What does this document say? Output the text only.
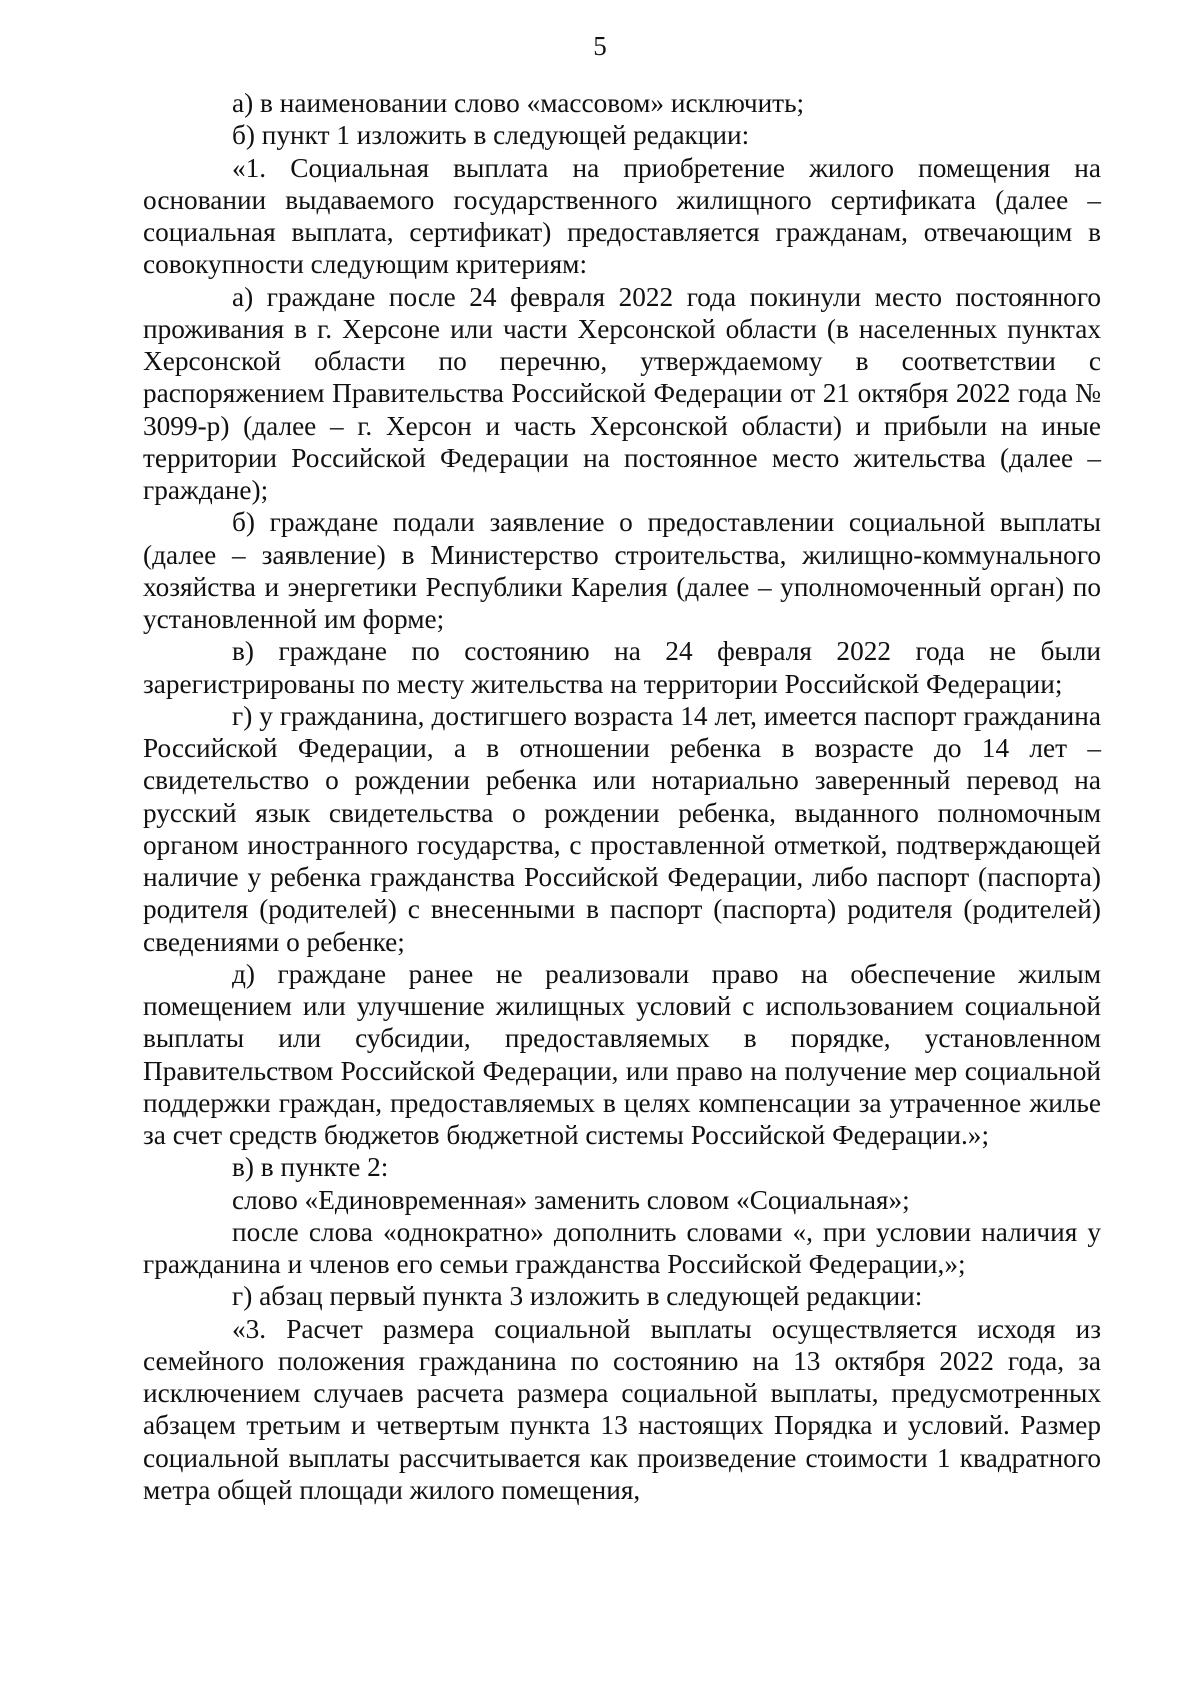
5

а) в наименовании слово «массовом» исключить;

б) пункт 1 изложить в следующей редакции:

«1. Социальная выплата на приобретение жилого помещения на основании выдаваемого государственного жилищного сертификата (далее – социальная выплата, сертификат) предоставляется гражданам, отвечающим в совокупности следующим критериям:

а) граждане после 24 февраля 2022 года покинули место постоянного проживания в г. Херсоне или части Херсонской области (в населенных пунктах Херсонской области по перечню, утверждаемому в соответствии с распоряжением Правительства Российской Федерации от 21 октября 2022 года № 3099-р) (далее – г. Херсон и часть Херсонской области) и прибыли на иные территории Российской Федерации на постоянное место жительства (далее – граждане);

б) граждане подали заявление о предоставлении социальной выплаты (далее – заявление) в Министерство строительства, жилищно-коммунального хозяйства и энергетики Республики Карелия (далее – уполномоченный орган) по установленной им форме;

в) граждане по состоянию на 24 февраля 2022 года не были зарегистрированы по месту жительства на территории Российской Федерации;

г) у гражданина, достигшего возраста 14 лет, имеется паспорт гражданина Российской Федерации, а в отношении ребенка в возрасте до 14 лет – свидетельство о рождении ребенка или нотариально заверенный перевод на русский язык свидетельства о рождении ребенка, выданного полномочным органом иностранного государства, с проставленной отметкой, подтверждающей наличие у ребенка гражданства Российской Федерации, либо паспорт (паспорта) родителя (родителей) с внесенными в паспорт (паспорта) родителя (родителей) сведениями о ребенке;

д) граждане ранее не реализовали право на обеспечение жилым помещением или улучшение жилищных условий с использованием социальной выплаты или субсидии, предоставляемых в порядке, установленном Правительством Российской Федерации, или право на получение мер социальной поддержки граждан, предоставляемых в целях компенсации за утраченное жилье за счет средств бюджетов бюджетной системы Российской Федерации.»;

в) в пункте 2:

слово «Единовременная» заменить словом «Социальная»;

после слова «однократно» дополнить словами «, при условии наличия у гражданина и членов его семьи гражданства Российской Федерации,»;

г) абзац первый пункта 3 изложить в следующей редакции:

«3. Расчет размера социальной выплаты осуществляется исходя из семейного положения гражданина по состоянию на 13 октября 2022 года, за исключением случаев расчета размера социальной выплаты, предусмотренных абзацем третьим и четвертым пункта 13 настоящих Порядка и условий. Размер социальной выплаты рассчитывается как произведение стоимости 1 квадратного метра общей площади жилого помещения,
